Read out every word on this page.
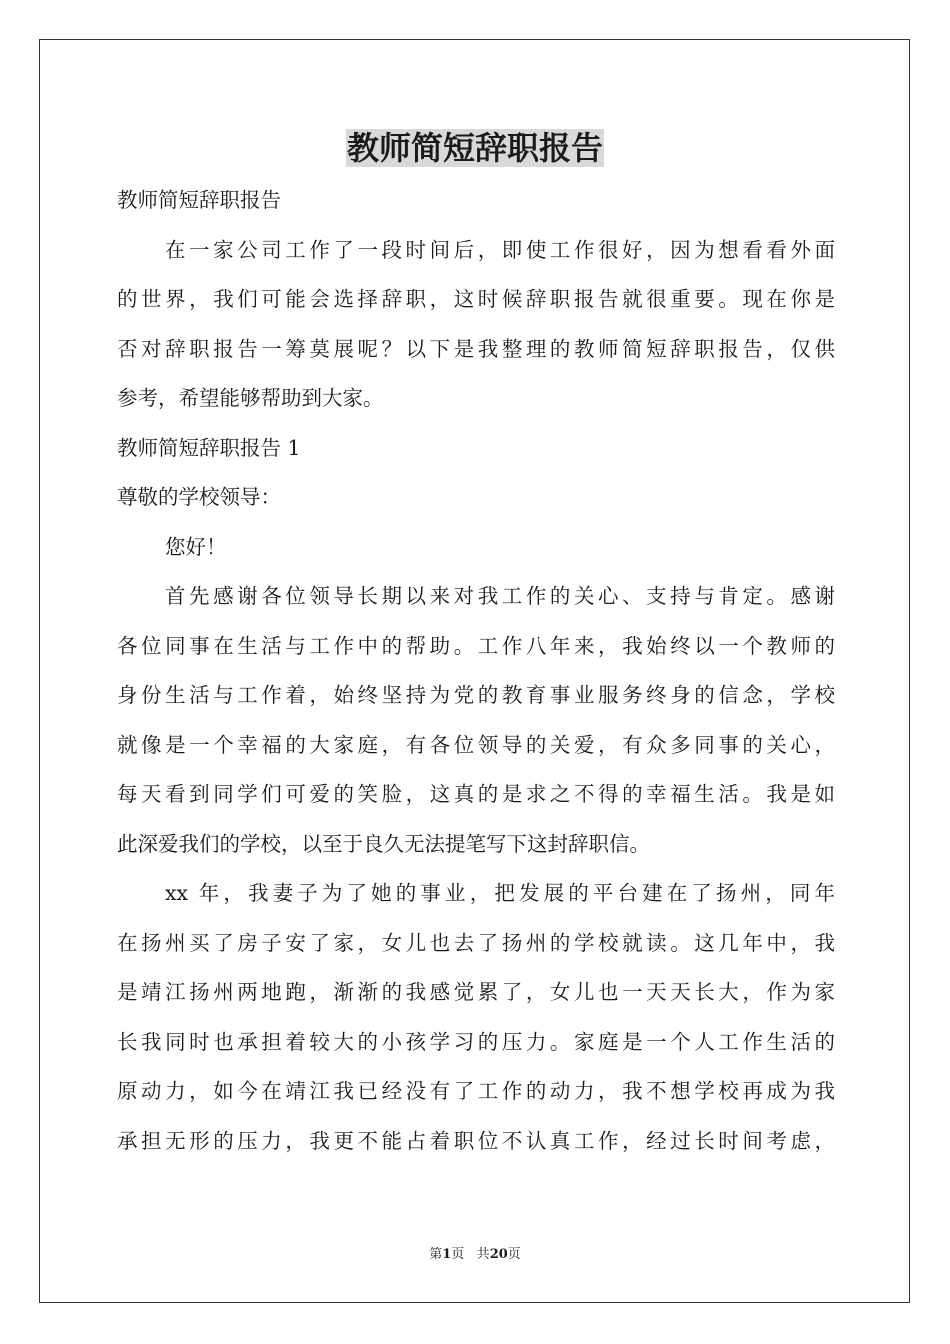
教师简短辞职报告
教师简短辞职报告
在一家公司工作了一段时间后，即使工作很好，因为想看看外面
的世界，我们可能会选择辞职，这时候辞职报告就很重要。现在你是
否对辞职报告一筹莫展呢？以下是我整理的教师简短辞职报告，仅供
参考，希望能够帮助到大家。
教师简短辞职报告 1
尊敬的学校领导：
您好！
首先感谢各位领导长期以来对我工作的关心、支持与肯定。感谢
各位同事在生活与工作中的帮助。工作八年来，我始终以一个教师的
身份生活与工作着，始终坚持为党的教育事业服务终身的信念，学校
就像是一个幸福的大家庭，有各位领导的关爱，有众多同事的关心，
每天看到同学们可爱的笑脸，这真的是求之不得的幸福生活。我是如
此深爱我们的学校，以至于良久无法提笔写下这封辞职信。
xx 年，我妻子为了她的事业，把发展的平台建在了扬州，同年
在扬州买了房子安了家，女儿也去了扬州的学校就读。这几年中，我
是靖江扬州两地跑，渐渐的我感觉累了，女儿也一天天长大，作为家
长我同时也承担着较大的小孩学习的压力。家庭是一个人工作生活的
原动力，如今在靖江我已经没有了工作的动力，我不想学校再成为我
承担无形的压力，我更不能占着职位不认真工作，经过长时间考虑，
第1页 共20页
